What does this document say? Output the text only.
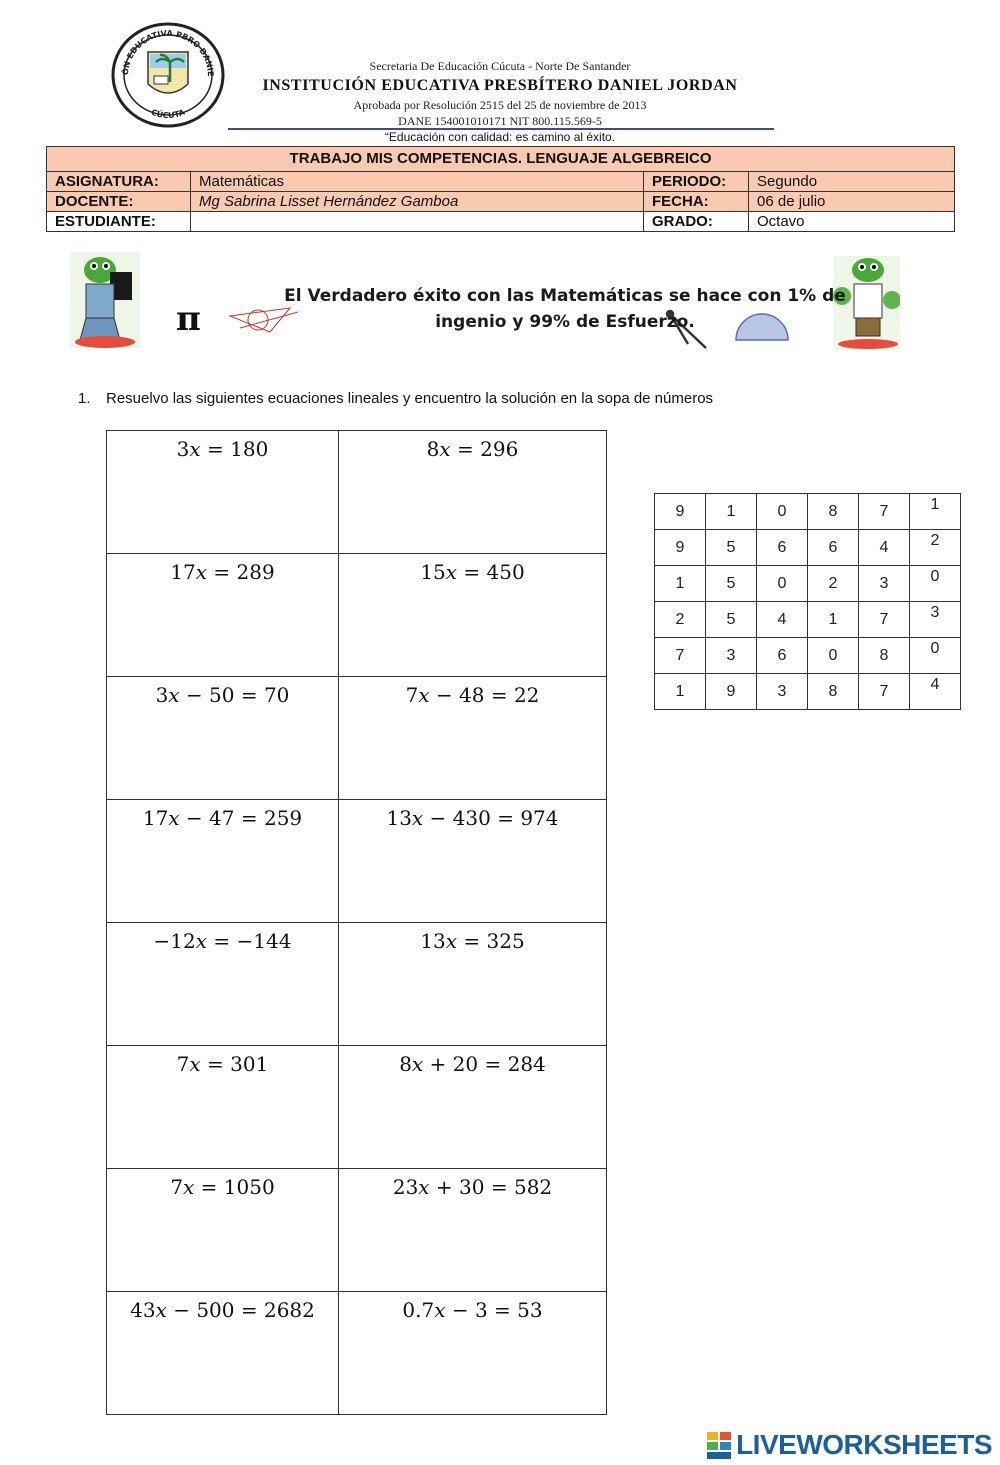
ÓN EDUCATIVA PBRO DANIE
CÚCUTA
Secretaria De Educación Cúcuta - Norte De Santander
INSTITUCIÓN EDUCATIVA PRESBÍTERO DANIEL JORDAN
Aprobada por Resolución 2515 del 25 de noviembre de 2013
DANE 154001010171 NIT 800.115.569-5
“Educación con calidad: es camino al éxito.
TRABAJO MIS COMPETENCIAS. LENGUAJE ALGEBREICO			
ASIGNATURA:	Matemáticas	PERIODO:	Segundo
DOCENTE:	Mg Sabrina Lisset Hernández Gamboa	FECHA:	06 de julio
ESTUDIANTE:		GRADO:	Octavo
π
El Verdadero éxito con las Matemáticas se hace con 1% de
ingenio y 99% de Esfuerzo.
1. Resuelvo las siguientes ecuaciones lineales y encuentro la solución en la sopa de números
3𝑥 = 180	8𝑥 = 296
17𝑥 = 289	15𝑥 = 450
3𝑥 − 50 = 70	7𝑥 − 48 = 22
17𝑥 − 47 = 259	13𝑥 − 430 = 974
−12𝑥 = −144	13𝑥 = 325
7𝑥 = 301	8𝑥 + 20 = 284
7𝑥 = 1050	23𝑥 + 30 = 582
43𝑥 − 500 = 2682	0.7𝑥 − 3 = 53
9	1	0	8	7	1
9	5	6	6	4	2
1	5	0	2	3	0
2	5	4	1	7	3
7	3	6	0	8	0
1	9	3	8	7	4
LIVEWORKSHEETS
